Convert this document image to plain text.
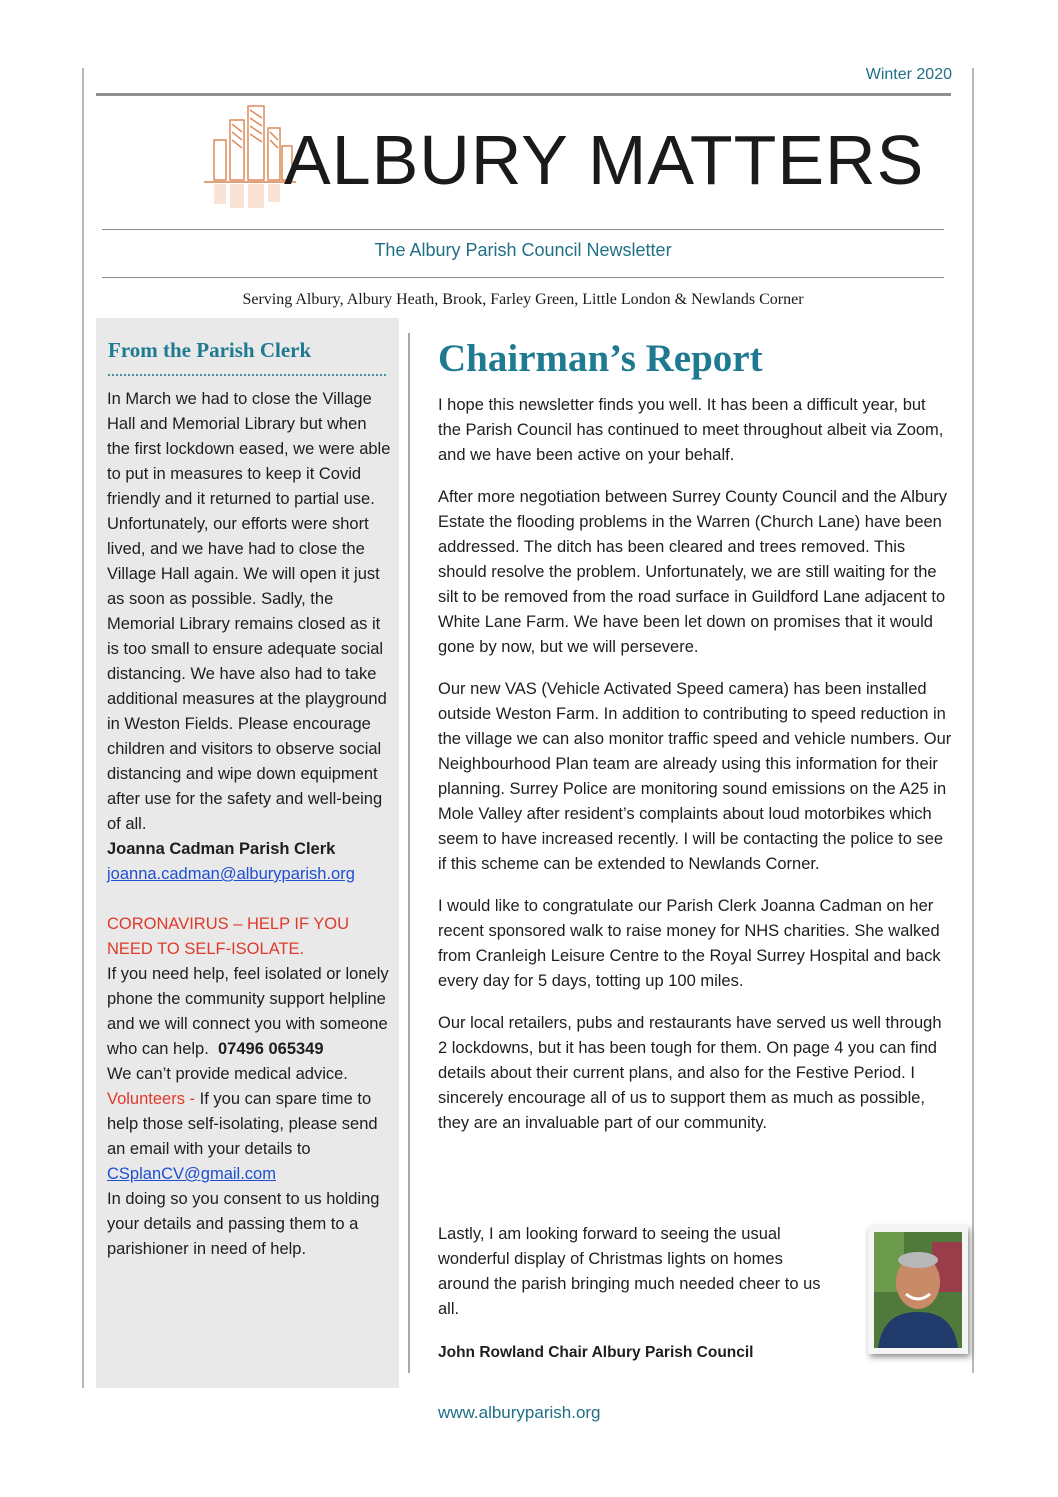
Winter 2020
ALBURY MATTERS
The Albury Parish Council Newsletter
Serving Albury, Albury Heath, Brook, Farley Green, Little London & Newlands Corner
From the Parish Clerk

In March we had to close the Village Hall and Memorial Library but when the first lockdown eased, we were able to put in measures to keep it Covid friendly and it returned to partial use. Unfortunately, our efforts were short lived, and we have had to close the Village Hall again. We will open it just as soon as possible. Sadly, the Memorial Library remains closed as it is too small to ensure adequate social distancing. We have also had to take additional measures at the playground in Weston Fields. Please encourage children and visitors to observe social distancing and wipe down equipment after use for the safety and well-being of all.

Joanna Cadman Parish Clerk

joanna.cadman@alburyparish.org

CORONAVIRUS – HELP IF YOU NEED TO SELF-ISOLATE.

If you need help, feel isolated or lonely phone the community support helpline and we will connect you with someone who can help. 07496 065349

We can’t provide medical advice.

Volunteers - If you can spare time to help those self-isolating, please send an email with your details to CSplanCV@gmail.com

In doing so you consent to us holding your details and passing them to a parishioner in need of help.

Chairman’s Report

I hope this newsletter finds you well. It has been a difficult year, but the Parish Council has continued to meet throughout albeit via Zoom, and we have been active on your behalf.

After more negotiation between Surrey County Council and the Albury Estate the flooding problems in the Warren (Church Lane) have been addressed. The ditch has been cleared and trees removed. This should resolve the problem. Unfortunately, we are still waiting for the silt to be removed from the road surface in Guildford Lane adjacent to White Lane Farm. We have been let down on promises that it would gone by now, but we will persevere.

Our new VAS (Vehicle Activated Speed camera) has been installed outside Weston Farm. In addition to contributing to speed reduction in the village we can also monitor traffic speed and vehicle numbers. Our Neighbourhood Plan team are already using this information for their planning. Surrey Police are monitoring sound emissions on the A25 in Mole Valley after resident’s complaints about loud motorbikes which seem to have increased recently. I will be contacting the police to see if this scheme can be extended to Newlands Corner.

I would like to congratulate our Parish Clerk Joanna Cadman on her recent sponsored walk to raise money for NHS charities. She walked from Cranleigh Leisure Centre to the Royal Surrey Hospital and back every day for 5 days, totting up 100 miles.

Our local retailers, pubs and restaurants have served us well through 2 lockdowns, but it has been tough for them. On page 4 you can find details about their current plans, and also for the Festive Period. I sincerely encourage all of us to support them as much as possible, they are an invaluable part of our community.

Lastly, I am looking forward to seeing the usual wonderful display of Christmas lights on homes around the parish bringing much needed cheer to us all.
John Rowland Chair Albury Parish Council
www.alburyparish.org
